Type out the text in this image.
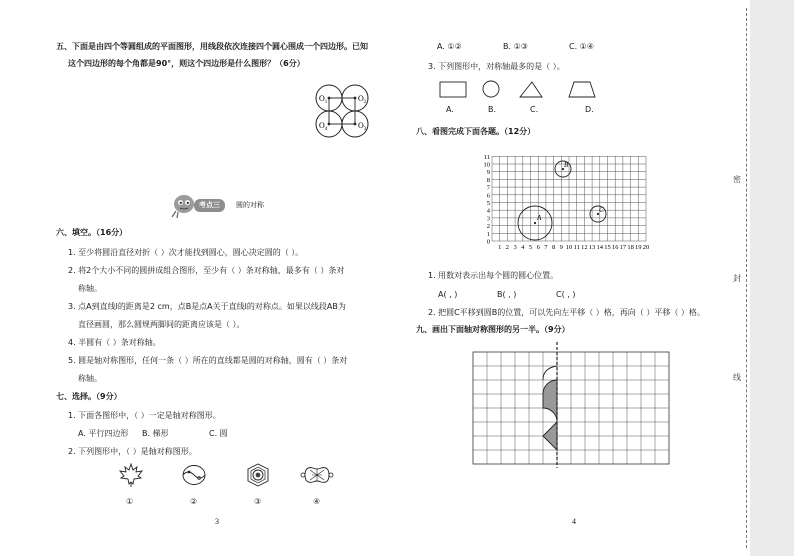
五、下面是由四个等圆组成的平面图形，用线段依次连接四个圆心围成一个四边形。已知
这个四边形的每个角都是90°，则这个四边形是什么图形？（6分）
$O_1$	$O_2$
$O_4$	$O_3$
考点三	圆的对称
六、填空。（16分）
1. 至少将圆沿直径对折（ ）次才能找到圆心，圆心决定圆的（ ）。
2. 将2个大小不同的圆拼成组合图形，至少有（ ）条对称轴，最多有（ ）条对
称轴。
3. 点A到直线l的距离是2 cm，点B是点A关于直线l的对称点。如果以线段AB为
直径画圆，那么圆规两脚间的距离应该是（ ）。
4. 半圆有（ ）条对称轴。
5. 圆是轴对称图形，任何一条（ ）所在的直线都是圆的对称轴，圆有（ ）条对
称轴。
七、选择。（9分）
1. 下面各图形中，（ ）一定是轴对称图形。
A. 平行四边形 B. 梯形	C. 圆
2. 下列图形中，（ ）是轴对称图形。
①	②	③	④
3
A. ①②	B. ①③	C. ①④
3. 下列图形中，对称轴最多的是（ ）。
A.	B.	C.	D.
八、看图完成下面各题。（12分）
11
10
9
8
7
6
5
4
3
2
1
0
1 2 3 4 5 6 7 8 9 10 11 12 13 14 15 16 17 18 19 20
A
B
C
1. 用数对表示出每个圆的圆心位置。
A( , )	B( , )	C( , )
2. 把圆C平移到圆B的位置，可以先向左平移（ ）格，再向（ ）平移（ ）格。
九、画出下面轴对称图形的另一半。（9分）
4
密
封
线
